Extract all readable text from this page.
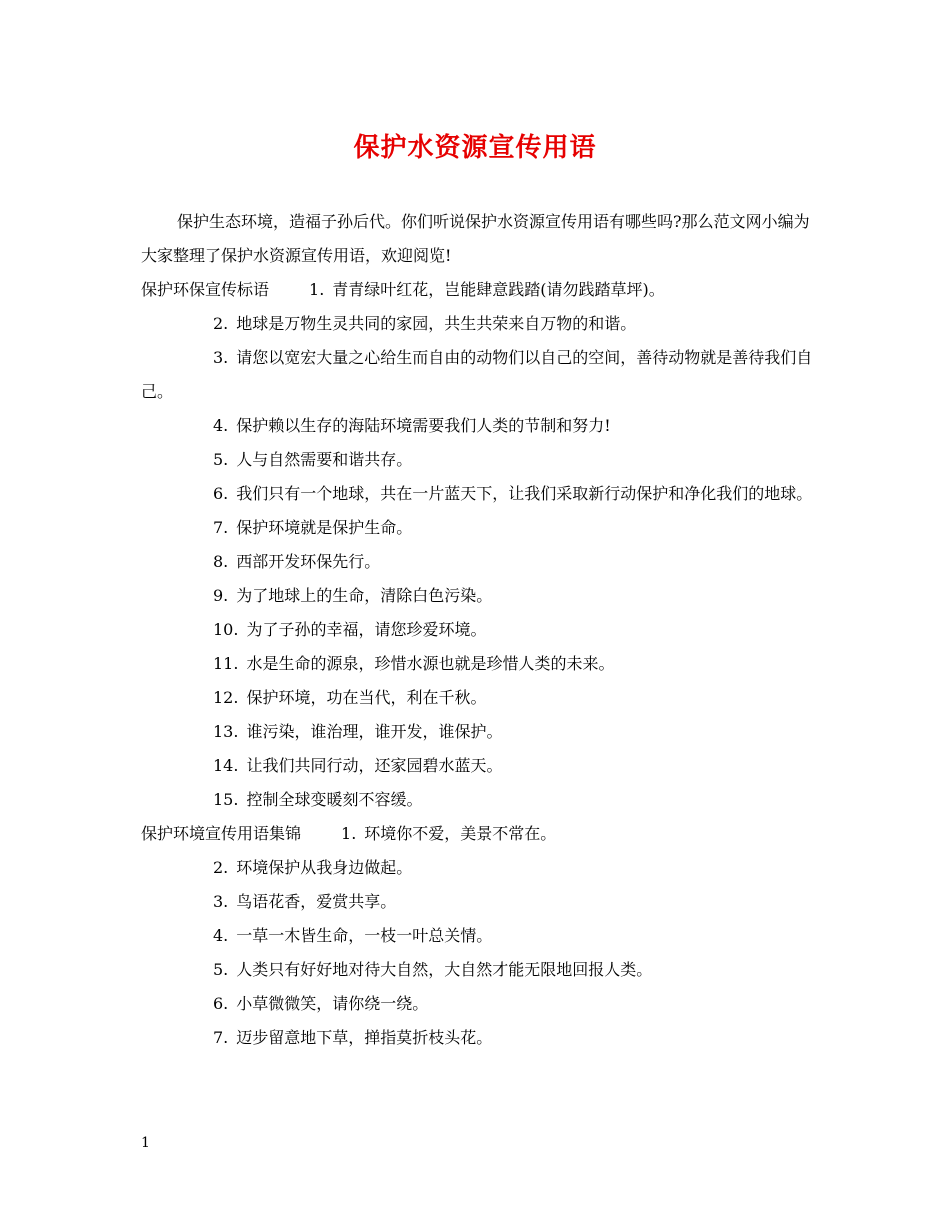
保护水资源宣传用语

保护生态环境，造福子孙后代。你们听说保护水资源宣传用语有哪些吗?那么范文网小编为大家整理了保护水资源宣传用语，欢迎阅览!

保护环保宣传标语	1. 青青绿叶红花，岂能肆意践踏(请勿践踏草坪)。

2. 地球是万物生灵共同的家园，共生共荣来自万物的和谐。

3. 请您以宽宏大量之心给生而自由的动物们以自己的空间，善待动物就是善待我们自己。

4. 保护赖以生存的海陆环境需要我们人类的节制和努力!

5. 人与自然需要和谐共存。

6. 我们只有一个地球，共在一片蓝天下，让我们采取新行动保护和净化我们的地球。

7. 保护环境就是保护生命。

8. 西部开发环保先行。

9. 为了地球上的生命，清除白色污染。

10. 为了子孙的幸福，请您珍爱环境。

11. 水是生命的源泉，珍惜水源也就是珍惜人类的未来。

12. 保护环境，功在当代，利在千秋。

13. 谁污染，谁治理，谁开发，谁保护。

14. 让我们共同行动，还家园碧水蓝天。

15. 控制全球变暖刻不容缓。

保护环境宣传用语集锦	1. 环境你不爱，美景不常在。

2. 环境保护从我身边做起。

3. 鸟语花香，爱赏共享。

4. 一草一木皆生命，一枝一叶总关情。

5. 人类只有好好地对待大自然，大自然才能无限地回报人类。

6. 小草微微笑，请你绕一绕。

7. 迈步留意地下草，掸指莫折枝头花。

1
